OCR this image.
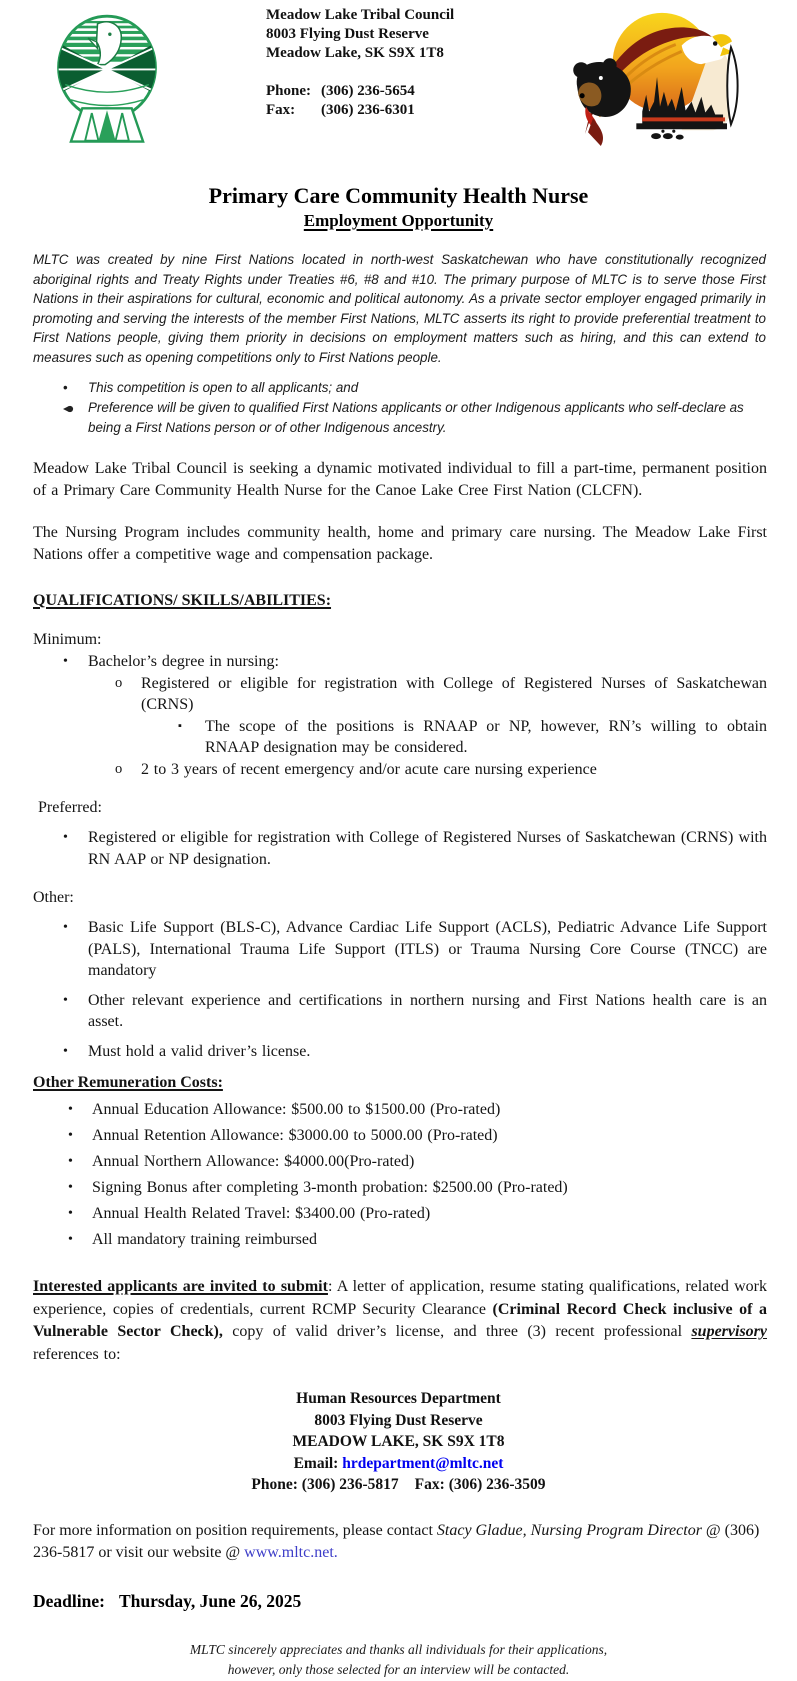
Meadow Lake Tribal Council
8003 Flying Dust Reserve
Meadow Lake, SK S9X 1T8
Phone: (306) 236-5654
Fax:	(306) 236-6301
Primary Care Community Health Nurse
Employment Opportunity
MLTC was created by nine First Nations located in north-west Saskatchewan who have constitutionally recognized aboriginal rights and Treaty Rights under Treaties #6, #8 and #10. The primary purpose of MLTC is to serve those First Nations in their aspirations for cultural, economic and political autonomy. As a private sector employer engaged primarily in promoting and serving the interests of the member First Nations, MLTC asserts its right to provide preferential treatment to First Nations people, giving them priority in decisions on employment matters such as hiring, and this can extend to measures such as opening competitions only to First Nations people.
•	This competition is open to all applicants; and
Preference will be given to qualified First Nations applicants or other Indigenous applicants who self-declare as being a First Nations person or of other Indigenous ancestry.
Meadow Lake Tribal Council is seeking a dynamic motivated individual to fill a part-time, permanent position of a Primary Care Community Health Nurse for the Canoe Lake Cree First Nation (CLCFN).
The Nursing Program includes community health, home and primary care nursing. The Meadow Lake First Nations offer a competitive wage and compensation package.
QUALIFICATIONS/ SKILLS/ABILITIES:
Minimum:
•	Bachelor’s degree in nursing:
o	Registered or eligible for registration with College of Registered Nurses of Saskatchewan (CRNS)
▪	The scope of the positions is RNAAP or NP, however, RN’s willing to obtain RNAAP designation may be considered.
o	2 to 3 years of recent emergency and/or acute care nursing experience
Preferred:
•	Registered or eligible for registration with College of Registered Nurses of Saskatchewan (CRNS) with RN AAP or NP designation.
Other:
•	Basic Life Support (BLS-C), Advance Cardiac Life Support (ACLS), Pediatric Advance Life Support (PALS), International Trauma Life Support (ITLS) or Trauma Nursing Core Course (TNCC) are mandatory
•	Other relevant experience and certifications in northern nursing and First Nations health care is an asset.
•	Must hold a valid driver’s license.
Other Remuneration Costs:
•	Annual Education Allowance: $500.00 to $1500.00 (Pro-rated)
•	Annual Retention Allowance: $3000.00 to 5000.00 (Pro-rated)
•	Annual Northern Allowance: $4000.00(Pro-rated)
•	Signing Bonus after completing 3-month probation: $2500.00 (Pro-rated)
•	Annual Health Related Travel: $3400.00 (Pro-rated)
•	All mandatory training reimbursed
Interested applicants are invited to submit: A letter of application, resume stating qualifications, related work experience, copies of credentials, current RCMP Security Clearance (Criminal Record Check inclusive of a Vulnerable Sector Check), copy of valid driver’s license, and three (3) recent professional supervisory references to:
Human Resources Department
8003 Flying Dust Reserve
MEADOW LAKE, SK S9X 1T8
Email: hrdepartment@mltc.net
Phone: (306) 236-5817 Fax: (306) 236-3509
For more information on position requirements, please contact Stacy Gladue, Nursing Program Director @ (306) 236-5817 or visit our website @ www.mltc.net.
Deadline: Thursday, June 26, 2025
MLTC sincerely appreciates and thanks all individuals for their applications,
however, only those selected for an interview will be contacted.
